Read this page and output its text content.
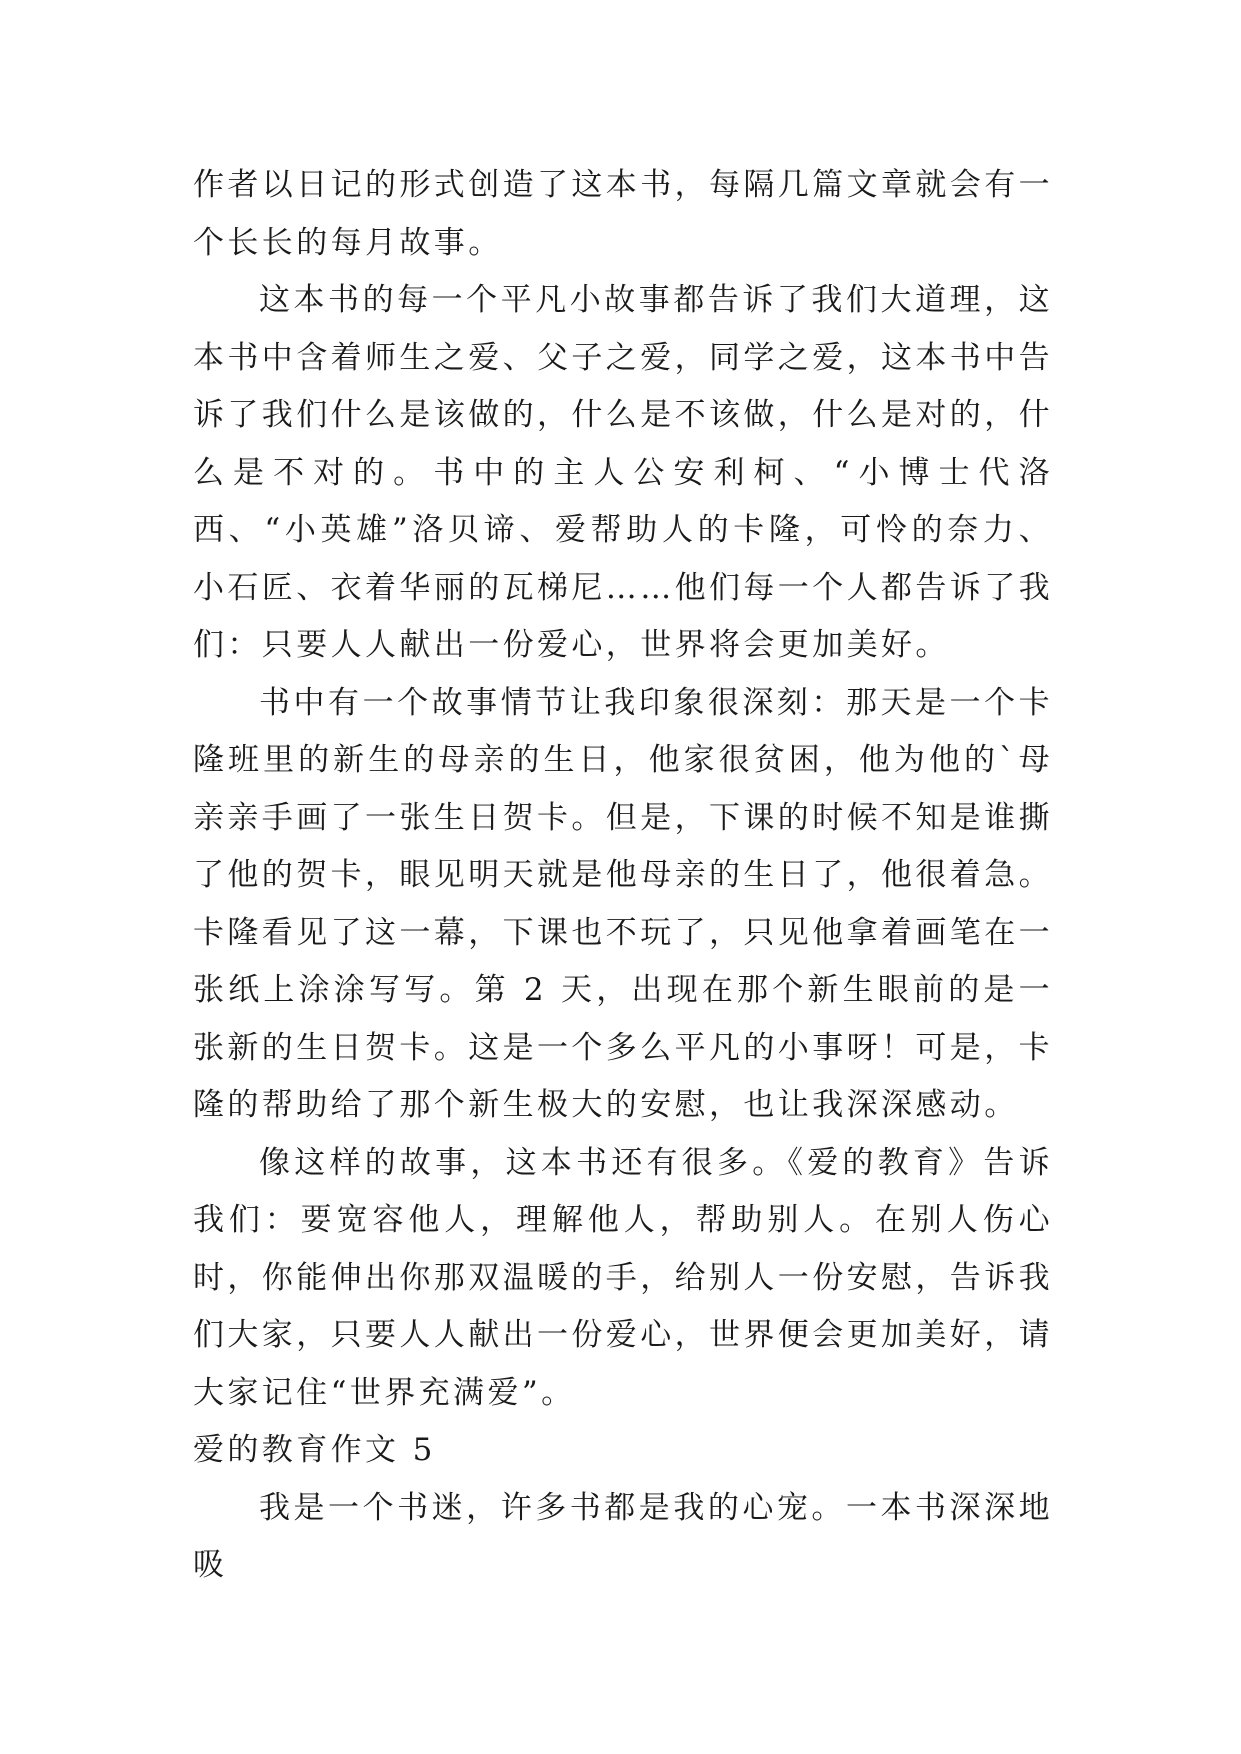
作者以日记的形式创造了这本书，每隔几篇文章就会有一个长长的每月故事。

这本书的每一个平凡小故事都告诉了我们大道理，这本书中含着师生之爱、父子之爱，同学之爱，这本书中告诉了我们什么是该做的，什么是不该做，什么是对的，什么是不对的。书中的主人公安利柯、“小博士代洛西、“小英雄”洛贝谛、爱帮助人的卡隆，可怜的奈力、小石匠、衣着华丽的瓦梯尼……他们每一个人都告诉了我们：只要人人献出一份爱心，世界将会更加美好。

书中有一个故事情节让我印象很深刻：那天是一个卡隆班里的新生的母亲的生日，他家很贫困，他为他的`母亲亲手画了一张生日贺卡。但是，下课的时候不知是谁撕了他的贺卡，眼见明天就是他母亲的生日了，他很着急。卡隆看见了这一幕，下课也不玩了，只见他拿着画笔在一张纸上涂涂写写。第 2 天，出现在那个新生眼前的是一张新的生日贺卡。这是一个多么平凡的小事呀！可是，卡隆的帮助给了那个新生极大的安慰，也让我深深感动。

像这样的故事，这本书还有很多。《爱的教育》告诉我们：要宽容他人，理解他人，帮助别人。在别人伤心时，你能伸出你那双温暖的手，给别人一份安慰，告诉我们大家，只要人人献出一份爱心，世界便会更加美好，请大家记住“世界充满爱”。

爱的教育作文 5

我是一个书迷，许多书都是我的心宠。一本书深深地吸
